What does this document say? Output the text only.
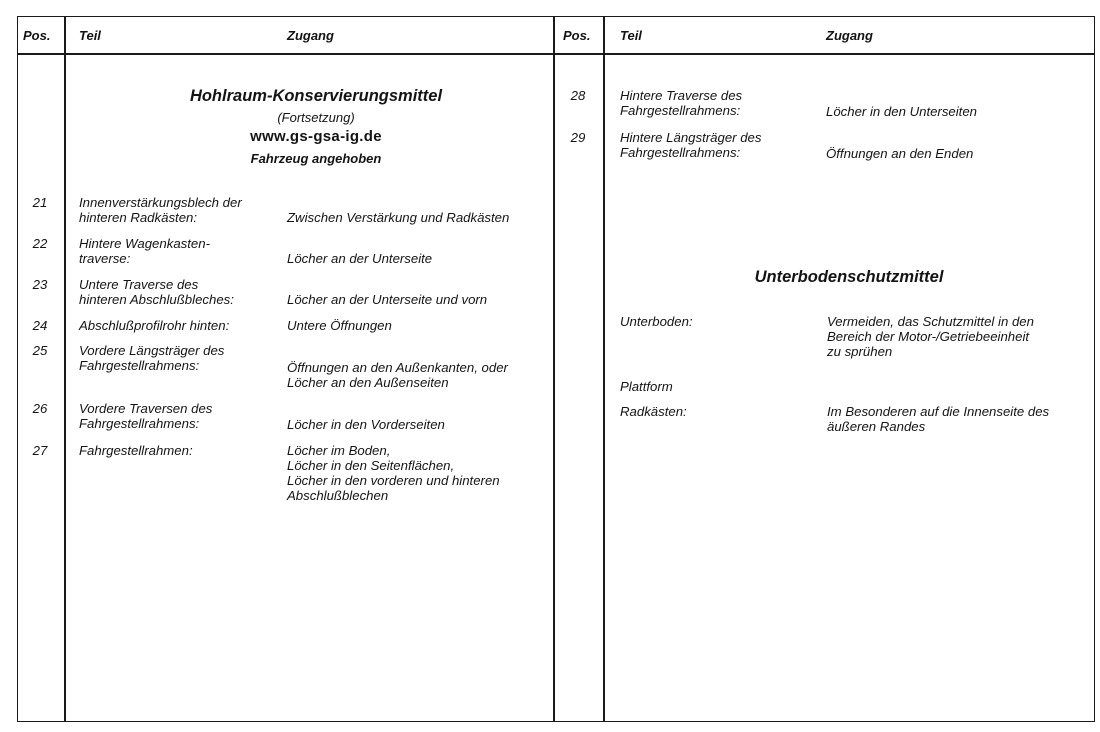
Pos. Teil	Zugang	Pos. Teil	Zugang
Hohlraum-Konservierungsmittel
(Fortsetzung)
www.gs-gsa-ig.de
Fahrzeug angehoben
21	Innenverstärkungsblech der
hinteren Radkästen:	Zwischen Verstärkung und Radkästen
22	Hintere Wagenkasten-
traverse:	Löcher an der Unterseite
23	Untere Traverse des
hinteren Abschlußbleches:	Löcher an der Unterseite und vorn
24	Abschlußprofilrohr hinten:	Untere Öffnungen
25	Vordere Längsträger des
Fahrgestellrahmens:	Öffnungen an den Außenkanten, oder
Löcher an den Außenseiten
26	Vordere Traversen des
Fahrgestellrahmens:	Löcher in den Vorderseiten
27	Fahrgestellrahmen:	Löcher im Boden,
Löcher in den Seitenflächen,
Löcher in den vorderen und hinteren
Abschlußblechen
28	Hintere Traverse des
Fahrgestellrahmens:	Löcher in den Unterseiten
29	Hintere Längsträger des
Fahrgestellrahmens:	Öffnungen an den Enden
Unterbodenschutzmittel
Unterboden:	Vermeiden, das Schutzmittel in den
Bereich der Motor-/Getriebeeinheit
zu sprühen
Plattform
Radkästen:	Im Besonderen auf die Innenseite des
äußeren Randes
